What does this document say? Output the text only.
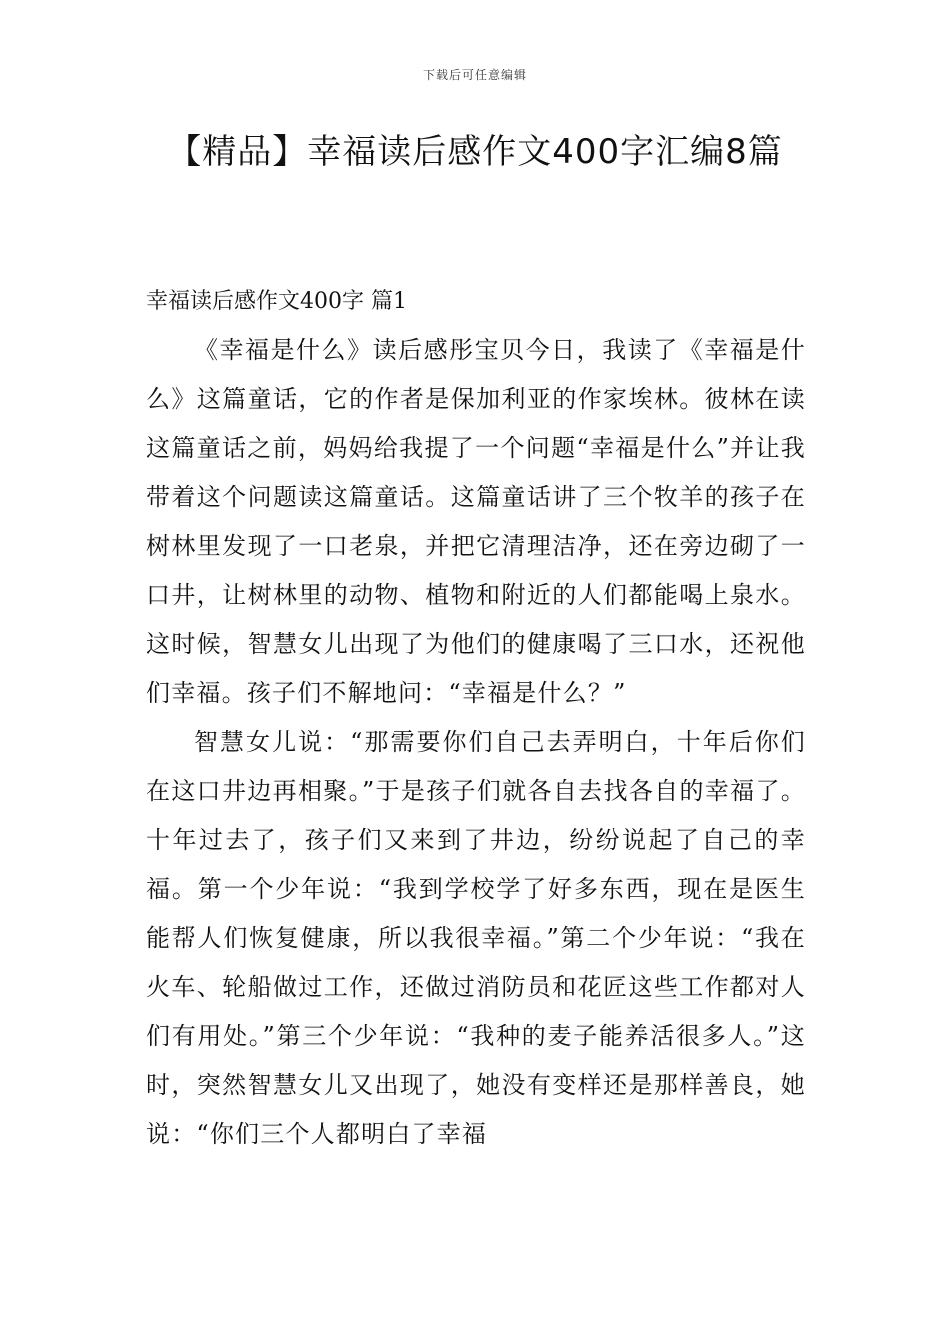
下载后可任意编辑
【精品】幸福读后感作文400字汇编8篇
幸福读后感作文400字 篇1

《幸福是什么》读后感彤宝贝今日，我读了《幸福是什么》这篇童话，它的作者是保加利亚的作家埃林。彼林在读这篇童话之前，妈妈给我提了一个问题“幸福是什么”并让我带着这个问题读这篇童话。这篇童话讲了三个牧羊的孩子在树林里发现了一口老泉，并把它清理洁净，还在旁边砌了一口井，让树林里的动物、植物和附近的人们都能喝上泉水。这时候，智慧女儿出现了为他们的健康喝了三口水，还祝他们幸福。孩子们不解地问：“幸福是什么？”

智慧女儿说：“那需要你们自己去弄明白，十年后你们在这口井边再相聚。”于是孩子们就各自去找各自的幸福了。十年过去了，孩子们又来到了井边，纷纷说起了自己的幸福。第一个少年说：“我到学校学了好多东西，现在是医生能帮人们恢复健康，所以我很幸福。”第二个少年说：“我在火车、轮船做过工作，还做过消防员和花匠这些工作都对人们有用处。”第三个少年说：“我种的麦子能养活很多人。”这时，突然智慧女儿又出现了，她没有变样还是那样善良，她说：“你们三个人都明白了幸福
